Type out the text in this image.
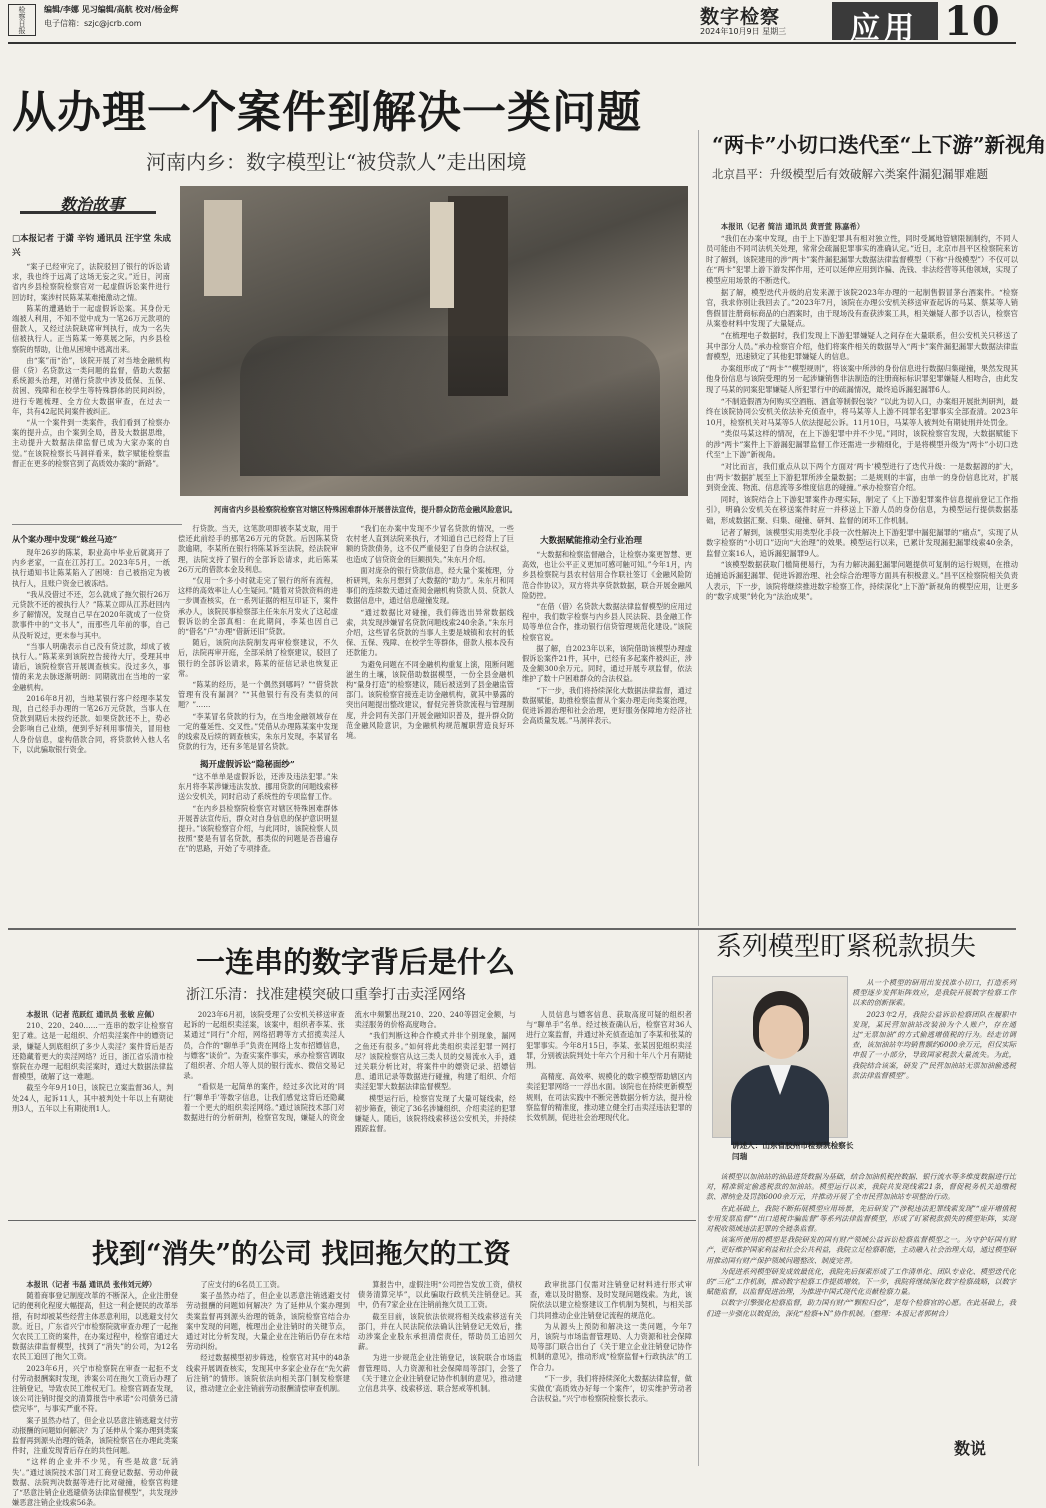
检察日报	编辑/李娜 见习编辑/高航 校对/杨金辉
电子信箱：szjc@jcrb.com	数字检察
2024年10月9日 星期三 应用 10
从办理一个案件到解决一类问题
河南内乡：数字模型让“被贷款人”走出困境
数治故事
□本报记者 于潇 辛钧 通讯员 汪宇堂 朱成兴

“案子已经审完了，法院驳回了银行的诉讼请求，我也终于远离了这场无妄之灾。”近日，河南省内乡县检察院检察官对一起虚假诉讼案件进行回访时，案涉村民陈某某难掩激动之情。

陈某的遭遇始于一起虚假诉讼案。其身份无端被人利用，不知不觉中成为一笔26万元款项的借款人，又经过法院缺席审判执行，成为一名失信被执行人。正当陈某一筹莫展之际，内乡县检察院的帮助，让他从困境中逃离出来。

由“案”而“治”，该院开展了对当地金融机构借（贷）名贷款这一类问题的监督，借助大数据系统源头治理，对循行贷款中涉及低保、五保、贫困、残障和在校学生等特殊群体的民间纠纷，进行专题梳理、全方位大数据审查，在过去一年，共有42起民间案件被纠正。

“从一个案件到一类案件，我们看到了检察办案的提升点，由个案到全局，普及大数据思维，主动提升大数据法律监督已成为大家办案的自觉。”在该院检察长马洞祥看来，数字赋能检察监督正在更多的检察官到了高质效办案的“新路”。

河南省内乡县检察院检察官对辖区特殊困难群体开展普法宣传，提升群众防范金融风险意识。
从个案办理中发现“蛛丝马迹”

现年26岁的陈某，职业高中毕业后就离开了内乡老家，一直在江苏打工。2023年5月，一纸执行通知书让陈某陷入了困境：自己被指定为被执行人，且账户资金已被冻结。

“我从没借过不还，怎么就成了拖欠银行26万元贷款不还的被执行人？”陈某立即从江苏赶回内乡了解情况，发现自己早在2020年就成了一位贷款事件中的“文书人”，而那些几年前的事，自己从没听说过，更未参与其中。

“当事人明确表示自己没有贷过款，却成了被执行人。”陈某来到该院控告接待大厅，受理其申请后，该院检察官开展调查核实。没过多久，事情的来龙去脉逐渐明朗：同期就出在当地的一家金融机构。

2016年8月初，当地某银行客户经理李某发现，自己经手办理的一笔26万元贷款，当事人在贷款到期后未按约还款。如果贷款还不上，势必会影响自己业绩，便到乎好利用事情关，冒用他人身份信息，虚构借款合同，将贷款转入他人名下，以此骗取银行资金。

行贷款。当天，这笔款项即被李某支取，用于偿还此前经手的那笔26万元的贷款。后因陈某贷款逾期，李某所在银行将陈某诉至法院，经法院审理，法院支持了银行的全部诉讼请求，此后陈某26万元的借款本金及利息。

“仅用一个多小时就走完了银行的所有流程，这样的高效率让人心生疑问。”随着对贷款资料的进一步调查核实，在一系列证据的相互印证下，案件承办人，该院民事检察部主任朱东月发火了这起虚假诉讼的全部真相：在此期间，李某也因自己的“借名”户”办理“借新还旧”贷款。

随后，该院向法院制发再审检察建议，不久后，法院再审开庭，全部采纳了检察建议，驳回了银行的全部诉讼请求，陈某的征信记录也恢复正常。

“陈某的经历，是一个偶然到哪吗？”“借贷款管理有没有漏洞？”“其他银行有没有类似的问题？”……

“李某冒名贷款的行为，在当地金融领域存在一定的蔓延性、交叉性。”凭借从办理陈某案中发现的线索及后续的调查核实，朱东月发现，李某冒名贷款的行为，还有多笔是冒名贷款。

揭开虚假诉讼“隐秘面纱”

“这不单单是虚假诉讼，还涉及违法犯罪。”朱东月将李某涉嫌违法发放、挪用贷款的问题线索移送公安机关，同时启动了系统性的专项监督工作。

“在内乡县检察院检察官对辖区特殊困难群体开展普法宣传后，群众对自身信息的保护意识明显提升。”该院检察官介绍，与此同时，该院检察人员按照“要是有冒名贷款，那类似的问题是否普遍存在”的思路，开始了专项排查。

“我们在办案中发现不少冒名贷款的情况，一些农村老人直到法院来执行，才知道自己已经背上了巨额的贷款债务，这不仅严重侵犯了自身的合法权益，也造成了信贷资金的巨额损失。”朱东月介绍。

面对庞杂的银行贷款信息，经大量个案梳理，分析研判，朱东月想到了大数据的“助力”。朱东月和同事们的连续数天通过查阅金融机构贷款人员、贷款人数据信息中，通过信息碰撞发现。

“通过数据比对碰撞，我们筛选出异常数据线索，共发现涉嫌冒名贷款问题线索240余条。”朱东月介绍，这些冒名贷款的当事人主要是城镇和农村的低保、五保、残障、在校学生等群体，借款人根本没有还款能力。

为避免问题在不同金融机构重复上演，阻断问题滋生的土壤，该院借助数据模型，一份全县金融机构“量身打造”的检察建议，随后被送到了县金融监管部门。该院检察官接连走访金融机构，就其中暴露的突出问题提出整改建议，督促完善贷款流程与管理制度，并会同有关部门开展金融知识普及，提升群众防范金融风险意识，为金融机构规范履职营造良好环境。

大数据赋能推动全行业治理

“大数据和检察监督融合，让检察办案更智慧、更高效，也让公平正义更加可感可触可知。”今年1月，内乡县检察院与县农村信用合作联社签订《金融风险防范合作协议》，双方将共享贷款数据，联合开展金融风险防控。

“在借（借）名贷款大数据法律监督模型的应用过程中，我们数字检察与内乡县人民法院、县金融工作局等单位合作，推动银行信贷管理规范化建设。”该院检察官说。

据了解，自2023年以来，该院借助该模型办理虚假诉讼案件21件，其中，已经有多起案件被纠正，涉及金额300余万元。同时，通过开展专项监督，依法维护了数十户困难群众的合法权益。

“下一步，我们将持续深化大数据法律监督，通过数据赋能，助推检察监督从个案办理走向类案治理，促进诉源治理和社会治理，更好服务保障地方经济社会高质量发展。”马洞祥表示。

“两卡”小切口迭代至“上下游”新视角
北京昌平：升级模型后有效破解六类案件漏犯漏罪难题

本报讯（记者 简洁 通讯员 黄晋萱 陈嘉希）

“我们在办案中发现，由于上下游犯罪具有相对独立性，同时受属地管辖限制制约，不同人员可能由不同司法机关处理，常常会疏漏犯罪事实的准确认定。”近日，北京市昌平区检察院来访时了解到，该院建用的涉“两卡”案件漏犯漏罪大数据法律监督模型（下称“升级模型”）不仅可以在“两卡”犯罪上游下游发挥作用，还可以延伸应用到诈骗、洗钱、非法经营等其他领域，实现了模型应用场景的不断迭代。

据了解，模型迭代升级的启发来源于该院2023年办理的一起制售假冒茅台酒案件。“检察官，我求你别让我回去了。”2023年7月，该院在办理公安机关移送审查起诉的马某、蔡某等人销售假冒注册商标商品的白酒案时，由于现场没有查获涉案工具，相关嫌疑人都予以否认，检察官从案卷材料中发现了大量疑点。

“在梳理电子数据时，我们发现上下游犯罪嫌疑人之间存在大量联系，但公安机关只移送了其中部分人员。”承办检察官介绍，他们将案件相关的数据导入“两卡”案件漏犯漏罪大数据法律监督模型，迅速锁定了其他犯罪嫌疑人的信息。

办案组形成了“两卡”“模型规则”，将该案中所涉的身份信息进行数据归集碰撞，果然发现其他身份信息与该院受理的另一起涉嫌销售非法制造的注册商标标识罪犯罪嫌疑人相吻合，由此发现了马某的同案犯罪嫌疑人所犯罪行中的疏漏情况，最终追诉漏犯漏罪6人。

“不制造假酒为何购买空酒瓶、酒盒等制假包装？”以此为切入口，办案组开展批判研判，最终在该院协同公安机关依法补充侦查中，将马某等人上游不同罪名犯罪事实全部查清。2023年10月，检察机关对马某等5人依法提起公诉。11月10日，马某等人被判处有期徒刑并处罚金。

“类似马某这样的情况，在上下游犯罪中并不少见。”同时，该院检察官发现，大数据赋能下的涉“两卡”案件上下游漏犯漏罪监督工作还需进一步精细化，于是将模型升级为“两卡”小切口迭代至“上下游”新视角。

“对比而言，我们重点从以下两个方面对‘两卡’模型进行了迭代升级：一是数据源的扩大，由‘两卡’数据扩展至上下游犯罪所涉全量数据；二是规则的丰富，由单一的身份信息比对，扩展到资金流、物流、信息流等多维度信息的碰撞。”承办检察官介绍。

同时，该院结合上下游犯罪案件办理实际，制定了《上下游犯罪案件信息提前登记工作指引》，明确公安机关在移送案件时应一并移送上下游人员的身份信息，为模型运行提供数据基础，形成数据汇聚、归集、碰撞、研判、监督的闭环工作机制。

记者了解到，该模型实用类型化手段一次性解决上下游犯罪中漏犯漏罪的“痛点”，实现了从数字检察的“小切口”迈向“大治理”的效果。模型运行以来，已累计发现漏犯漏罪线索40余条，监督立案16人，追诉漏犯漏罪9人。

“该模型数据获取门槛简便易行，为有力解决漏犯漏罪问题提供可复制的运行规则，在推动追捕追诉漏犯漏罪、促进诉源治理、社会综合治理等方面具有积极意义。”昌平区检察院相关负责人表示，下一步，该院将继续推进数字检察工作，持续深化“上下游”新视角的模型应用，让更多的“数字成果”转化为“法治成果”。

一连串的数字背后是什么
浙江乐清：找准建模突破口重拳打击卖淫网络

本报讯（记者 范跃红 通讯员 张敏 应佩）

210、220、240……一连串的数字让检察官犯了难。这是一起组织、介绍卖淫案件中的嫖资记录，嫌疑人到底组织了多少人卖淫？案件背后是否还隐藏着更大的卖淫网络？近日，浙江省乐清市检察院在办理一起组织卖淫案时，通过大数据法律监督模型，破解了这一难题。

截至今年9月10日，该院已立案监督36人，判处24人，起诉11人，其中被判处十年以上有期徒刑3人，五年以上有期徒刑1人。

2023年6月初，该院受理了公安机关移送审查起诉的一起组织卖淫案，该案中，组织者李某、张某通过“同行”介绍，网络招聘等方式招揽卖淫人员，合作的“聊单手”负责在网络上发布招嫖信息，与嫖客“谈价”。为查实案件事实，承办检察官调取了组织者、介绍人等人员的银行流水、微信交易记录。

“看似是一起简单的案件，经过多次比对的‘同行’‘聊单手’等数字信息，让我们感觉这背后还隐藏着一个更大的组织卖淫网络。”通过该院技术部门对数据进行的分析研判，检察官发现，嫌疑人的资金流水中频繁出现210、220、240等固定金额，与卖淫服务的价格高度吻合。

“我们判断这种合作模式并非个别现象，漏网之鱼还有很多。”如何将此类组织卖淫犯罪一网打尽？该院检察官从这三类人员的交易流水入手，通过关联分析比对，将案件中的嫖资记录、招嫖信息、通讯记录等数据进行碰撞，构建了组织、介绍卖淫犯罪大数据法律监督模型。

模型运行后，检察官发现了大量可疑线索，经初步筛查，锁定了36名涉嫌组织、介绍卖淫的犯罪嫌疑人。随后，该院将线索移送公安机关，并持续跟踪监督。

人员信息与嫖客信息、获取高度可疑的组织者与“聊单手”名单。经过核查确认后，检察官对36人进行立案监督，并通过补充侦查追加了李某和张某的犯罪事实。今年8月15日，李某、张某因犯组织卖淫罪，分别被法院判处十年六个月和十年八个月有期徒刑。

高精度、高效率、规模化的数字模型帮助辖区内卖淫犯罪网络一一浮出水面。该院也在持续更新模型规则，在司法实践中不断完善数据分析方法，提升检察监督的精准度，推动建立健全打击卖淫违法犯罪的长效机制，促进社会治理现代化。

系列模型盯紧税款损失
讲述人：山东省胶州市检察院检察长 闫瑞

从一个模型的研用出发找准小切口，打造系列模型逐步发挥矩阵效应，是我院开展数字检察工作以来的创新探索。

2023年2月，我院公益诉讼检察团队在履职中发现，某民营加油站改装油为个人账户，存在通过“无票加油”的方式偷逃增值税的行为。经走访调查，该加油站年均销售额约6000余万元，但仅实际申报了一小部分，导致国家税款大量流失。为此，我院结合该案，研发了“民营加油站无票加油偷逃税款法律监督模型”。

该模型以加油站的油品进货数据为基础，结合加油机税控数据、银行流水等多维度数据进行比对，精准锁定偷逃税款的加油站。模型运行以来，我院共发现线索21条，督促税务机关追缴税款、滞纳金及罚款6000余万元，并推动开展了全市民营加油站专项整治行动。

在此基础上，我院不断拓展模型应用场景，先后研发了“涉税违法犯罪线索发现”“虚开增值税专用发票监督”“出口退税诈骗监督”等系列法律监督模型，形成了盯紧税款损失的模型矩阵，实现对税收领域违法犯罪的全链条监督。

该案所使用的模型是我院研发的国有财产领域公益诉讼检察监督模型之一。为守护好国有财产，更好维护国家利益和社会公共利益，我院立足检察职能，主动融入社会治理大局，通过模型研用推动国有财产保护领域问题整改、制度完善。

为促进系列模型研发成效最优化，我院先后探索形成了工作清单化、团队专业化、模型迭代化的“三化”工作机制，推动数字检察工作提质增效。下一步，我院将继续深化数字检察战略，以数字赋能监督，以监督促进治理，为推进中国式现代化贡献检察力量。

以数字引擎强化检察监督，助力国有财产“颗粒归仓”，是每个检察官的心愿。在此基础上，我们进一步强化以数促治，深化“检察+N”协作机制。（整理：本报记者郭树合）

数说
找到“消失”的公司 找回拖欠的工资

本报讯（记者 韦磊 通讯员 张伟刘元婷）

随着商事登记制度改革的不断深入，企业注册登记的便利化程度大幅提高，但这一利企便民的改革举措，有时却被某些经营主体恶意利用，以逃避支付欠款。近日，广东省兴宁市检察院就审查办理了一起拖欠农民工工资的案件，在办案过程中，检察官通过大数据法律监督模型，找到了“消失”的公司，为12名农民工追回了拖欠工资。

2023年6月，兴宁市检察院在审查一起拒不支付劳动报酬案时发现，涉案公司在拖欠工资后办理了注销登记，导致农民工维权无门。检察官调查发现，该公司注销时提交的清算报告中承诺“公司债务已清偿完毕”，与事实严重不符。

案子虽然办结了，但企业以恶意注销逃避支付劳动报酬的问题如何解决？为了延伸从个案办理到类案监督再到源头治理的链条，该院检察官在办理此类案件时，注重发现背后存在的共性问题。

“这样的企业并不少见，有些是故意‘玩消失’。”通过该院技术部门对工商登记数据、劳动仲裁数据、法院判决数据等进行比对碰撞，检察官构建了“恶意注销企业逃避债务法律监督模型”，共发现涉嫌恶意注销企业线索56条。

了应支付的6名员工工资。

案子虽然办结了，但企业以恶意注销逃避支付劳动报酬的问题如何解决？为了延伸从个案办理到类案监督再到源头治理的链条，该院检察官结合办案中发现的问题，梳理出企业注销时的关键节点，通过对比分析发现，大量企业在注销后仍存在未结劳动纠纷。

经过数据模型初步筛选，检察官对其中的48条线索开展调查核实，发现其中多家企业存在“先欠薪后注销”的情形。该院依法向相关部门制发检察建议，推动建立企业注销前劳动报酬清偿审查机制。

算报告中，虚假注明“公司控告发放工资，债权债务清算完毕”，以此骗取行政机关注销登记。其中，仍有7家企业在注销前拖欠员工工资。

截至目前，该院依法依规将相关线索移送有关部门，并在人民法院依法确认注销登记无效后，推动涉案企业股东承担清偿责任，帮助员工追回欠薪。

为进一步规范企业注销登记，该院联合市场监督管理局、人力资源和社会保障局等部门，会签了《关于建立企业注销登记协作机制的意见》，推动建立信息共享、线索移送、联合惩戒等机制。

政审批部门仅需对注销登记材料进行形式审查，难以及时勘察、及时发现问题线索。为此，该院依法以建立检察建议工作机制为契机，与相关部门共同推动企业注销登记流程的规范化。

为从源头上预防和解决这一类问题，今年7月，该院与市场监督管理局、人力资源和社会保障局等部门联合出台了《关于建立企业注销登记协作机制的意见》，推动形成“检察监督+行政执法”的工作合力。

“下一步，我们将持续深化大数据法律监督，做实做优‘高质效办好每一个案件’，切实维护劳动者合法权益。”兴宁市检察院检察长表示。
